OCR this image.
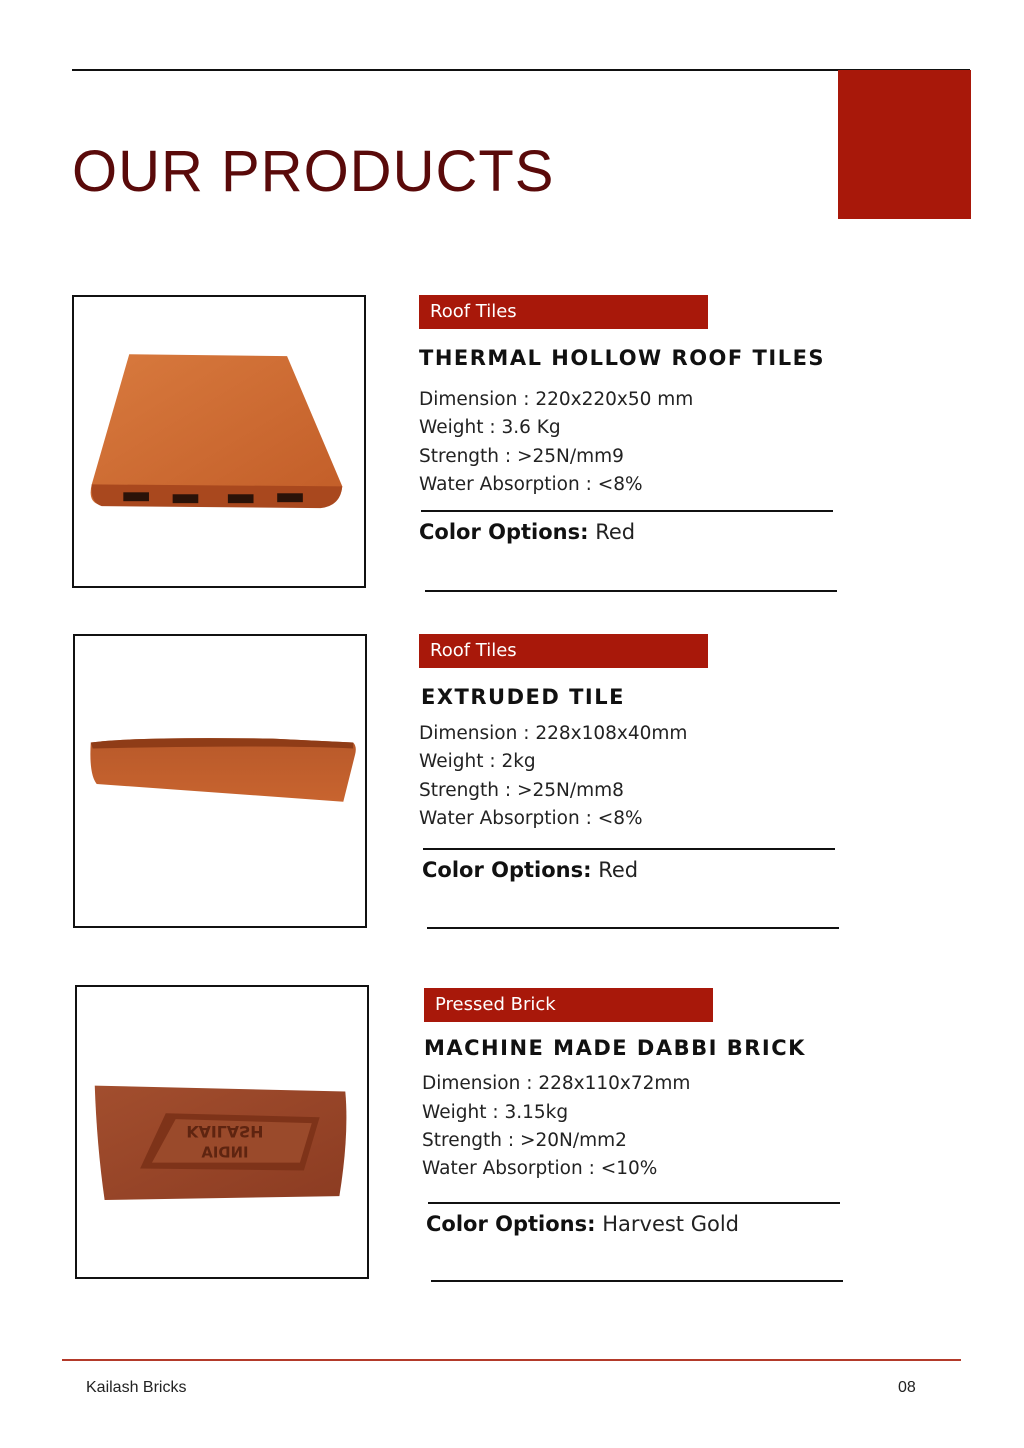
OUR PRODUCTS
Roof Tiles
THERMAL HOLLOW ROOF TILES
Dimension : 220x220x50 mm
Weight : 3.6 Kg
Strength : >25N/mm9
Water Absorption : <8%
Color Options: Red
Roof Tiles
EXTRUDED TILE
Dimension : 228x108x40mm
Weight : 2kg
Strength : >25N/mm8
Water Absorption : <8%
Color Options: Red
KAILASH
INDIA
Pressed Brick
MACHINE MADE DABBI BRICK
Dimension : 228x110x72mm
Weight : 3.15kg
Strength : >20N/mm2
Water Absorption : <10%
Color Options: Harvest Gold
Kailash Bricks	08
